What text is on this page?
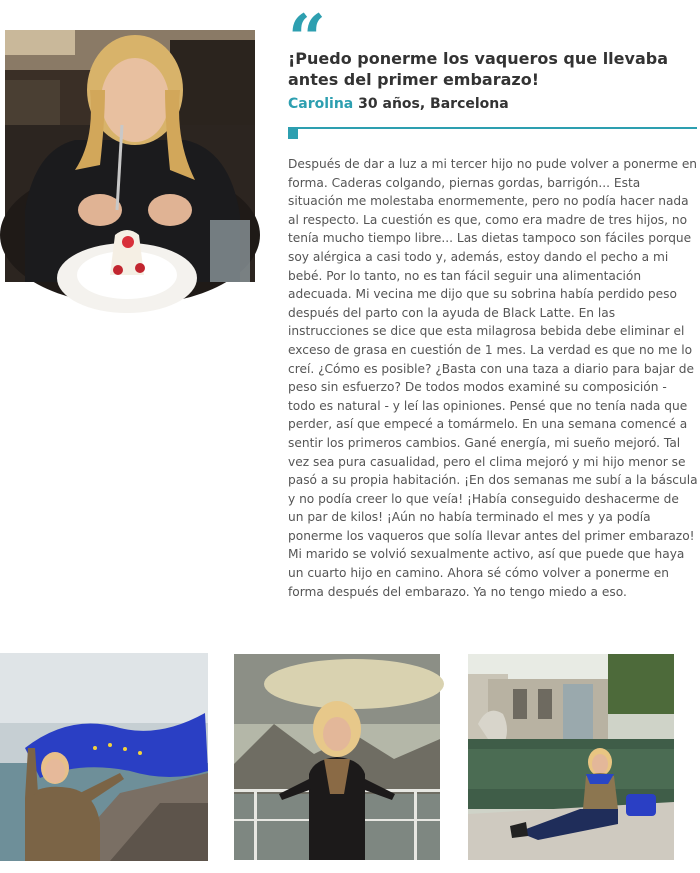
“
¡Puedo ponerme los vaqueros que llevaba antes del primer embarazo!
Carolina 30 años, Barcelona

Después de dar a luz a mi tercer hijo no pude volver a ponerme en forma. Caderas colgando, piernas gordas, barrigón... Esta situación me molestaba enormemente, pero no podía hacer nada al respecto. La cuestión es que, como era madre de tres hijos, no tenía mucho tiempo libre... Las dietas tampoco son fáciles porque soy alérgica a casi todo y, además, estoy dando el pecho a mi bebé. Por lo tanto, no es tan fácil seguir una alimentación adecuada. Mi vecina me dijo que su sobrina había perdido peso después del parto con la ayuda de Black Latte. En las instrucciones se dice que esta milagrosa bebida debe eliminar el exceso de grasa en cuestión de 1 mes. La verdad es que no me lo creí. ¿Cómo es posible? ¿Basta con una taza a diario para bajar de peso sin esfuerzo? De todos modos examiné su composición - todo es natural - y leí las opiniones. Pensé que no tenía nada que perder, así que empecé a tomármelo. En una semana comencé a sentir los primeros cambios. Gané energía, mi sueño mejoró. Tal vez sea pura casualidad, pero el clima mejoró y mi hijo menor se pasó a su propia habitación. ¡En dos semanas me subí a la báscula y no podía creer lo que veía! ¡Había conseguido deshacerme de un par de kilos! ¡Aún no había terminado el mes y ya podía ponerme los vaqueros que solía llevar antes del primer embarazo! Mi marido se volvió sexualmente activo, así que puede que haya un cuarto hijo en camino. Ahora sé cómo volver a ponerme en forma después del embarazo. Ya no tengo miedo a eso.
